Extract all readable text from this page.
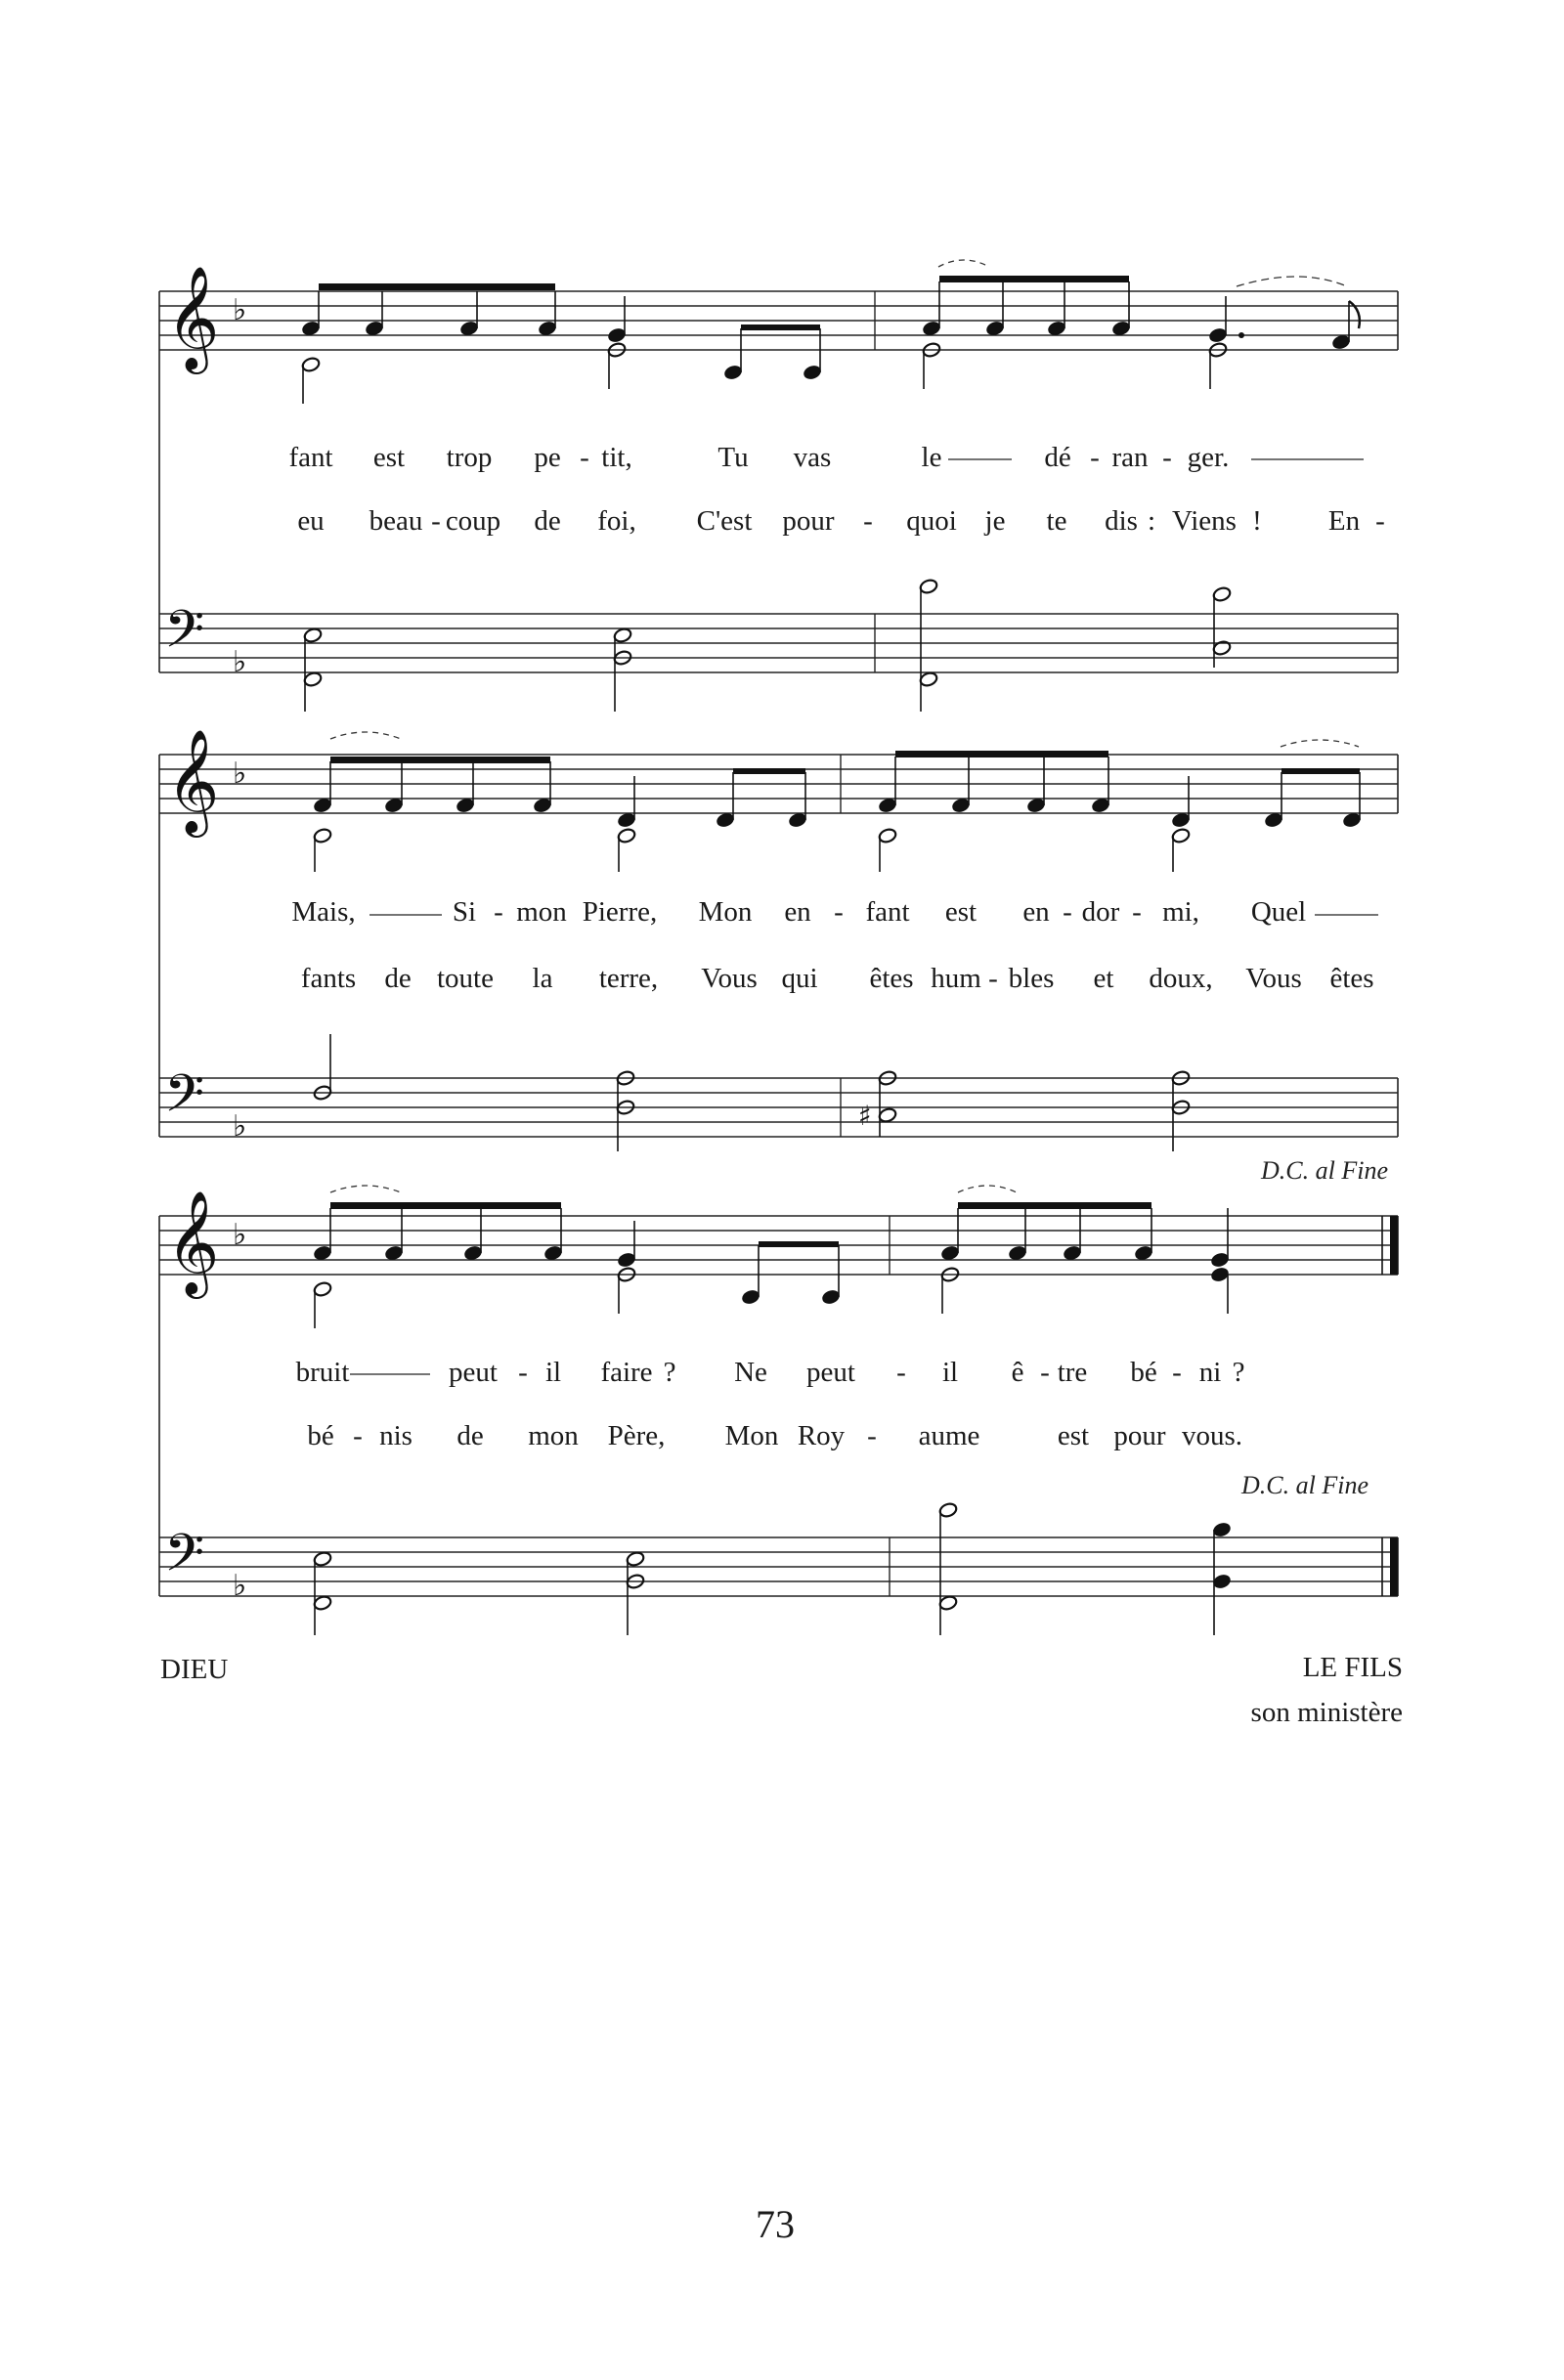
𝄞 ♭
𝄢 ♭
𝄞 ♭
𝄢 ♭
𝄞 ♭
𝄢 ♭
♯
fant est trop pe - tit,	Tu vas	le	dé - ran - ger.
eu beau - coup de foi, C'est pour - quoi je te dis : Viens ! En -
Mais,	Si - mon Pierre, Mon en - fant est en - dor - mi, Quel
fants de toute la terre, Vous qui êtes hum - bles et doux, Vous êtes
D.C. al Fine
bruit	peut - il faire ? Ne peut - il ê - tre bé - ni ?
bé - nis de mon Père, Mon Roy - aume	est pour vous.
D.C. al Fine
DIEU	LE FILS
son ministère
73
